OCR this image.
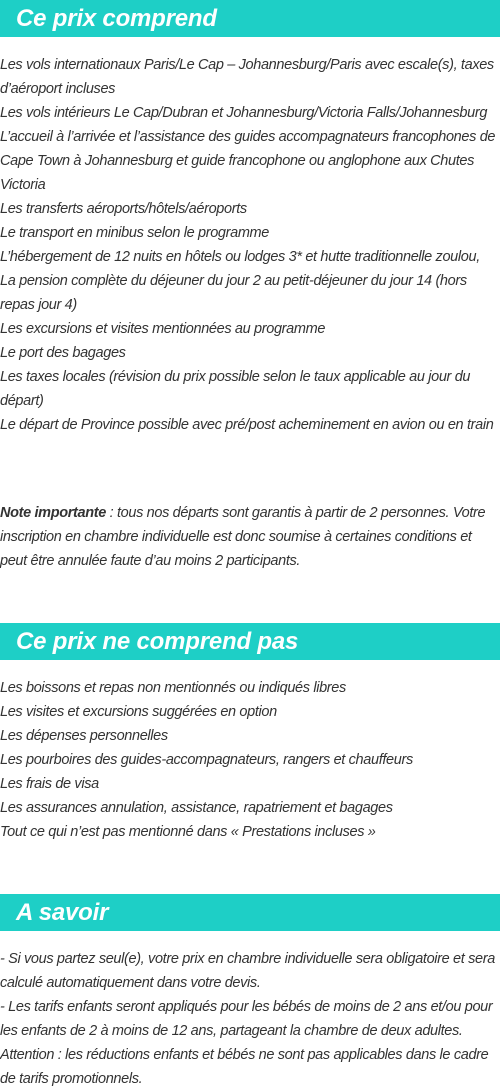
Ce prix comprend
Les vols internationaux Paris/Le Cap – Johannesburg/Paris avec escale(s), taxes d’aéroport incluses
Les vols intérieurs Le Cap/Dubran et Johannesburg/Victoria Falls/Johannesburg
L’accueil à l’arrivée et l’assistance des guides accompagnateurs francophones de Cape Town à Johannesburg et guide francophone ou anglophone aux Chutes Victoria
Les transferts aéroports/hôtels/aéroports
Le transport en minibus selon le programme
L’hébergement de 12 nuits en hôtels ou lodges 3* et hutte traditionnelle zoulou,
La pension complète du déjeuner du jour 2 au petit-déjeuner du jour 14 (hors repas jour 4)
Les excursions et visites mentionnées au programme
Le port des bagages
Les taxes locales (révision du prix possible selon le taux applicable au jour du départ)
Le départ de Province possible avec pré/post acheminement en avion ou en train

Note importante : tous nos départs sont garantis à partir de 2 personnes. Votre inscription en chambre individuelle est donc soumise à certaines conditions et peut être annulée faute d’au moins 2 participants.

Ce prix ne comprend pas
Les boissons et repas non mentionnés ou indiqués libres
Les visites et excursions suggérées en option
Les dépenses personnelles
Les pourboires des guides-accompagnateurs, rangers et chauffeurs
Les frais de visa
Les assurances annulation, assistance, rapatriement et bagages
Tout ce qui n’est pas mentionné dans « Prestations incluses »
A savoir

- Si vous partez seul(e), votre prix en chambre individuelle sera obligatoire et sera calculé automatiquement dans votre devis.

- Les tarifs enfants seront appliqués pour les bébés de moins de 2 ans et/ou pour les enfants de 2 à moins de 12 ans, partageant la chambre de deux adultes.

Attention : les réductions enfants et bébés ne sont pas applicables dans le cadre de tarifs promotionnels.
